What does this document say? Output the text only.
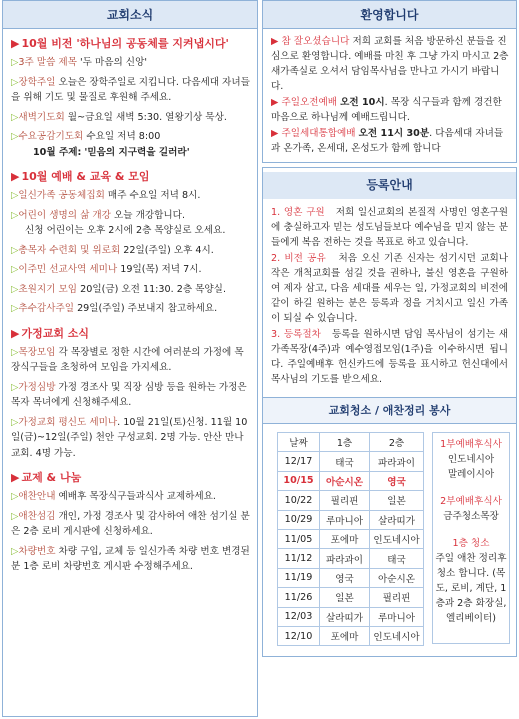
교회소식
▶ 10월 비전 '하나님의 공동체를 지켜냅시다'
▷3주 말씀 제목 '두 마음의 신앙'
▷장학주일 오늘은 장학주일로 지킵니다. 다음세대 자녀들을 위해 기도 및 물질로 후원해 주세요.
▷새벽기도회 월~금요일 새벽 5:30. 열왕기상 묵상.
▷수요공감기도회 수요일 저녁 8:00
10월 주제: '믿음의 지구력을 길러라'
▶ 10월 예배 & 교육 & 모임
▷일신가족 공동체집회 매주 수요일 저녁 8시.
▷어린이 생명의 삶 개강 오늘 개강합니다.
신청 어린이는 오후 2시에 2층 목양실로 오세요.
▷총목자 수련회 및 위로회 22일(주일) 오후 4시.
▷이주민 선교사역 세미나 19일(목) 저녁 7시.
▷초원지기 모임 20일(금) 오전 11:30. 2층 목양실.
▷추수감사주일 29일(주일) 주보내지 참고하세요.
▶ 가정교회 소식
▷목장모임 각 목장별로 정한 시간에 여러분의 가정에 목장식구들을 초청하여 모임을 가지세요.
▷가정심방 가정 경조사 및 직장 심방 등을 원하는 가정은 목자 목녀에게 신청해주세요.
▷가정교회 평신도 세미나. 10월 21일(토)신청. 11월 10일(금)~12일(주일) 천안 구성교회. 2명 가능. 안산 만나교회. 4명 가능.
▶ 교제 & 나눔
▷애찬안내 예배후 목장식구들과식사 교제하세요.
▷애찬섬김 개인, 가정 경조사 및 감사하여 애찬 섬기실 분은 2층 로비 게시판에 신청하세요.
▷차량번호 차량 구입, 교체 등 일신가족 차량 번호 변경된 분 1층 로비 차량번호 게시판 수정해주세요.
환영합니다
▶ 참 잘오셨습니다 저희 교회를 처음 방문하신 분들을 진심으로 환영합니다. 예배를 마친 후 그냥 가지 마시고 2층 새가족실로 오셔서 담임목사님을 만나고 가시기 바랍니다.
▶ 주일오전예배 오전 10시. 목장 식구들과 함께 경건한 마음으로 하나님께 예배드립니다.
▶ 주일세대통합예배 오전 11시 30분. 다음세대 자녀들과 온가족, 온세대, 온성도가 함께 합니다
등록안내
1. 영혼 구원 저희 일신교회의 본질적 사명인 영혼구원에 충실하고자 믿는 성도님들보다 예수님을 믿지 않는 분들에게 복음 전하는 것을 목표로 하고 있습니다.
2. 비전 공유 처음 오신 기존 신자는 섬기시던 교회나 작은 개척교회를 섬길 것을 권하나, 불신 영혼을 구원하여 제자 삼고, 다음 세대를 세우는 일, 가정교회의 비전에 같이 하길 원하는 분은 등록과 정을 거치시고 일신 가족이 되실 수 있습니다.
3. 등록절차 등록을 원하시면 담임 목사님이 섬기는 새가족목장(4주)과 예수영접모임(1주)을 이수하시면 됩니다. 주일예배후 헌신카드에 등록을 표시하고 헌신대에서 목사님의 기도를 받으세요.
교회청소 / 애찬정리 봉사
날짜	1층	2층
12/17	태국	파라과이
10/15	아순시온	영국
10/22	필리핀	일본
10/29	루마니아	살라띠가
11/05	포에마	인도네시아
11/12	파라과이	태국
11/19	영국	아순시온
11/26	일본	필리핀
12/03	살라띠가	루마니아
12/10	포에마	인도네시아
1부예배후식사
인도네시아
말레이시아
2부예배후식사
금주청소목장
1층 청소
주일 애찬 정리후 청소 합니다. (목도, 로비, 계단, 1층과 2층 화장실, 엘리베이터)
